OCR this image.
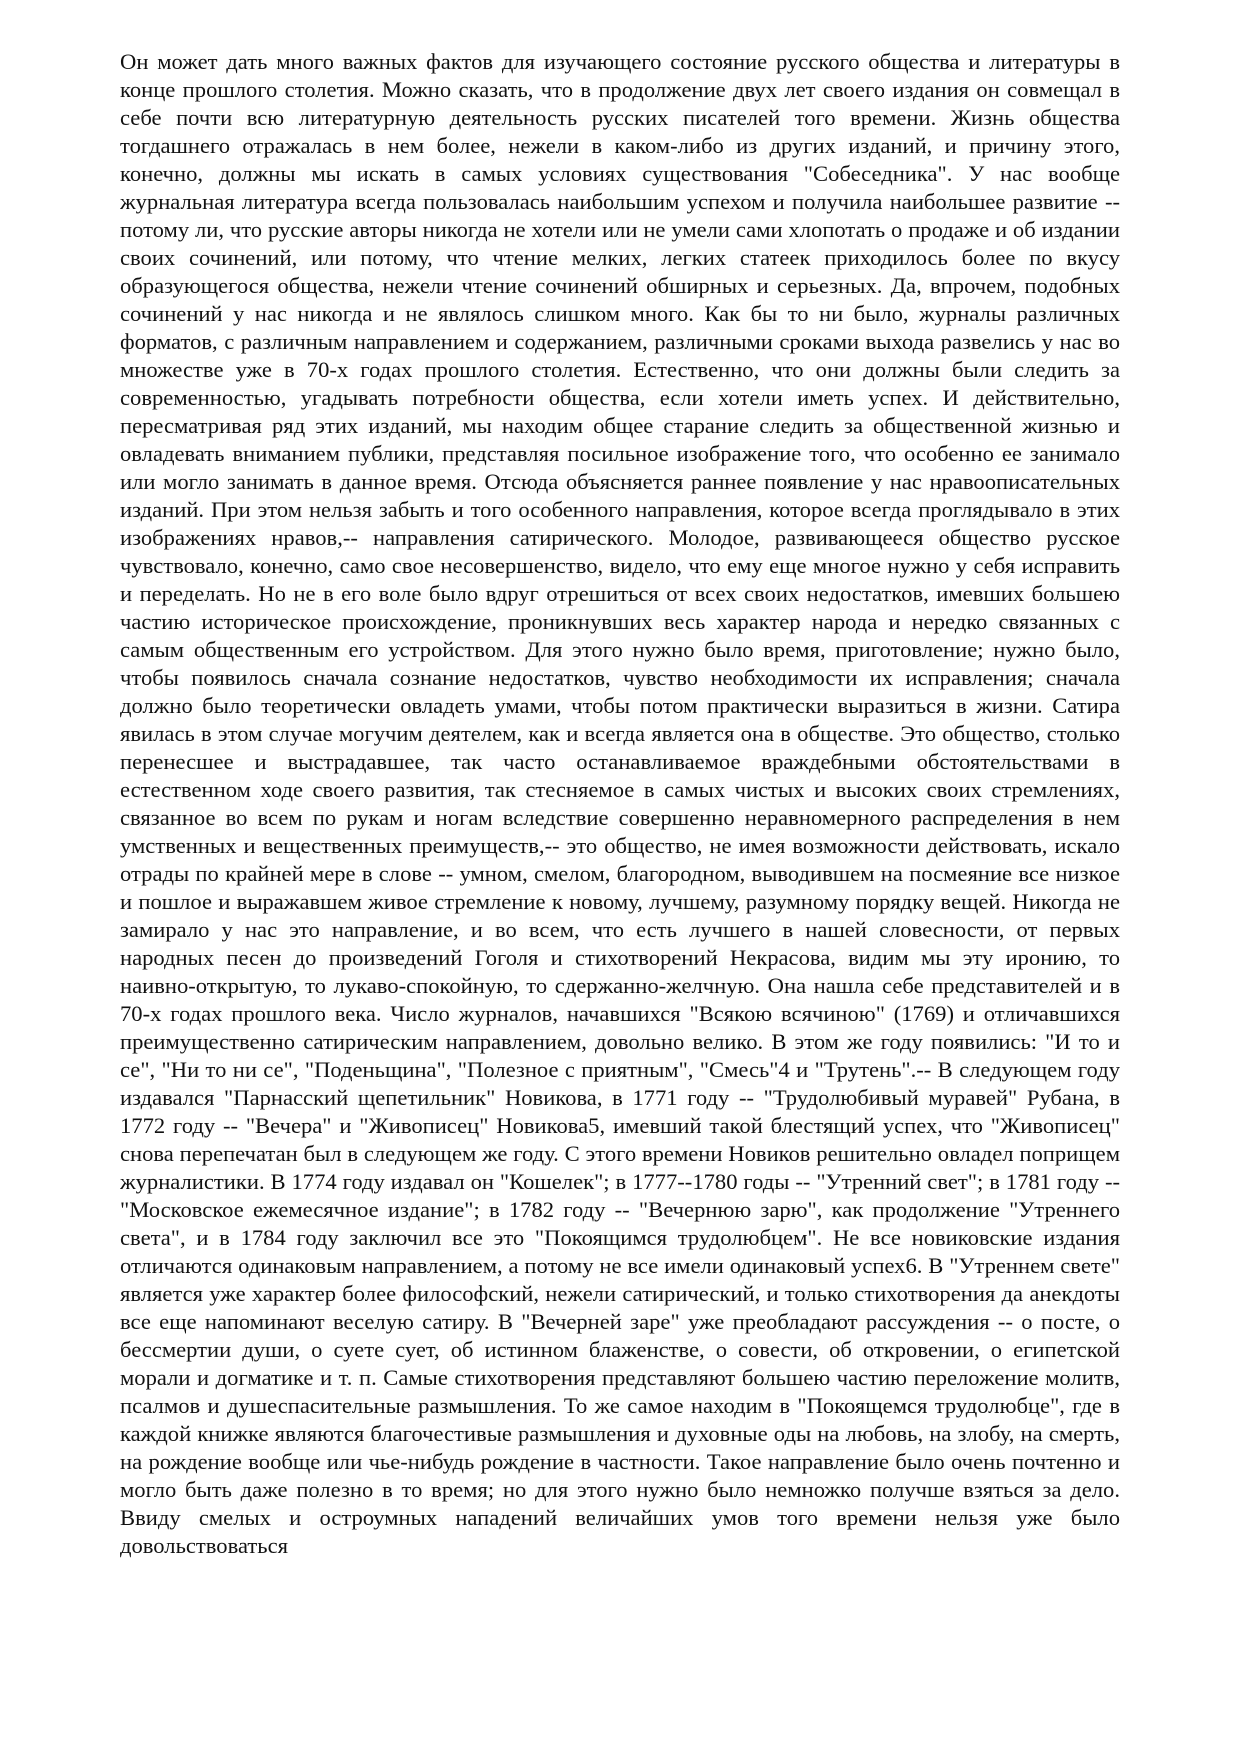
Он может дать много важных фактов для изучающего состояние русского общества и литературы в конце прошлого столетия. Можно сказать, что в продолжение двух лет своего издания он совмещал в себе почти всю литературную деятельность русских писателей того времени. Жизнь общества тогдашнего отражалась в нем более, нежели в каком-либо из других изданий, и причину этого, конечно, должны мы искать в самых условиях существования "Собеседника". У нас вообще журнальная литература всегда пользовалась наибольшим успехом и получила наибольшее развитие -- потому ли, что русские авторы никогда не хотели или не умели сами хлопотать о продаже и об издании своих сочинений, или потому, что чтение мелких, легких статеек приходилось более по вкусу образующегося общества, нежели чтение сочинений обширных и серьезных. Да, впрочем, подобных сочинений у нас никогда и не являлось слишком много. Как бы то ни было, журналы различных форматов, с различным направлением и содержанием, различными сроками выхода развелись у нас во множестве уже в 70-х годах прошлого столетия. Естественно, что они должны были следить за современностью, угадывать потребности общества, если хотели иметь успех. И действительно, пересматривая ряд этих изданий, мы находим общее старание следить за общественной жизнью и овладевать вниманием публики, представляя посильное изображение того, что особенно ее занимало или могло занимать в данное время. Отсюда объясняется раннее появление у нас нравоописательных изданий. При этом нельзя забыть и того особенного направления, которое всегда проглядывало в этих изображениях нравов,-- направления сатирического. Молодое, развивающееся общество русское чувствовало, конечно, само свое несовершенство, видело, что ему еще многое нужно у себя исправить и переделать. Но не в его воле было вдруг отрешиться от всех своих недостатков, имевших большею частию историческое происхождение, проникнувших весь характер народа и нередко связанных с самым общественным его устройством. Для этого нужно было время, приготовление; нужно было, чтобы появилось сначала сознание недостатков, чувство необходимости их исправления; сначала должно было теоретически овладеть умами, чтобы потом практически выразиться в жизни. Сатира явилась в этом случае могучим деятелем, как и всегда является она в обществе. Это общество, столько перенесшее и выстрадавшее, так часто останавливаемое враждебными обстоятельствами в естественном ходе своего развития, так стесняемое в самых чистых и высоких своих стремлениях, связанное во всем по рукам и ногам вследствие совершенно неравномерного распределения в нем умственных и вещественных преимуществ,-- это общество, не имея возможности действовать, искало отрады по крайней мере в слове -- умном, смелом, благородном, выводившем на посмеяние все низкое и пошлое и выражавшем живое стремление к новому, лучшему, разумному порядку вещей. Никогда не замирало у нас это направление, и во всем, что есть лучшего в нашей словесности, от первых народных песен до произведений Гоголя и стихотворений Некрасова, видим мы эту иронию, то наивно-открытую, то лукаво-спокойную, то сдержанно-желчную. Она нашла себе представителей и в 70-х годах прошлого века. Число журналов, начавшихся "Всякою всячиною" (1769) и отличавшихся преимущественно сатирическим направлением, довольно велико. В этом же году появились: "И то и се", "Ни то ни се", "Поденьщина", "Полезное с приятным", "Смесь"4 и "Трутень".-- В следующем году издавался "Парнасский щепетильник" Новикова, в 1771 году -- "Трудолюбивый муравей" Рубана, в 1772 году -- "Вечера" и "Живописец" Новикова5, имевший такой блестящий успех, что "Живописец" снова перепечатан был в следующем же году. С этого времени Новиков решительно овладел поприщем журналистики. В 1774 году издавал он "Кошелек"; в 1777--1780 годы -- "Утренний свет"; в 1781 году -- "Московское ежемесячное издание"; в 1782 году -- "Вечернюю зарю", как продолжение "Утреннего света", и в 1784 году заключил все это "Покоящимся трудолюбцем". Не все новиковские издания отличаются одинаковым направлением, а потому не все имели одинаковый успех6. В "Утреннем свете" является уже характер более философский, нежели сатирический, и только стихотворения да анекдоты все еще напоминают веселую сатиру. В "Вечерней заре" уже преобладают рассуждения -- о посте, о бессмертии души, о суете сует, об истинном блаженстве, о совести, об откровении, о египетской морали и догматике и т. п. Самые стихотворения представляют большею частию переложение молитв, псалмов и душеспасительные размышления. То же самое находим в "Покоящемся трудолюбце", где в каждой книжке являются благочестивые размышления и духовные оды на любовь, на злобу, на смерть, на рождение вообще или чье-нибудь рождение в частности. Такое направление было очень почтенно и могло быть даже полезно в то время; но для этого нужно было немножко получше взяться за дело. Ввиду смелых и остроумных нападений величайших умов того времени нельзя уже было довольствоваться
